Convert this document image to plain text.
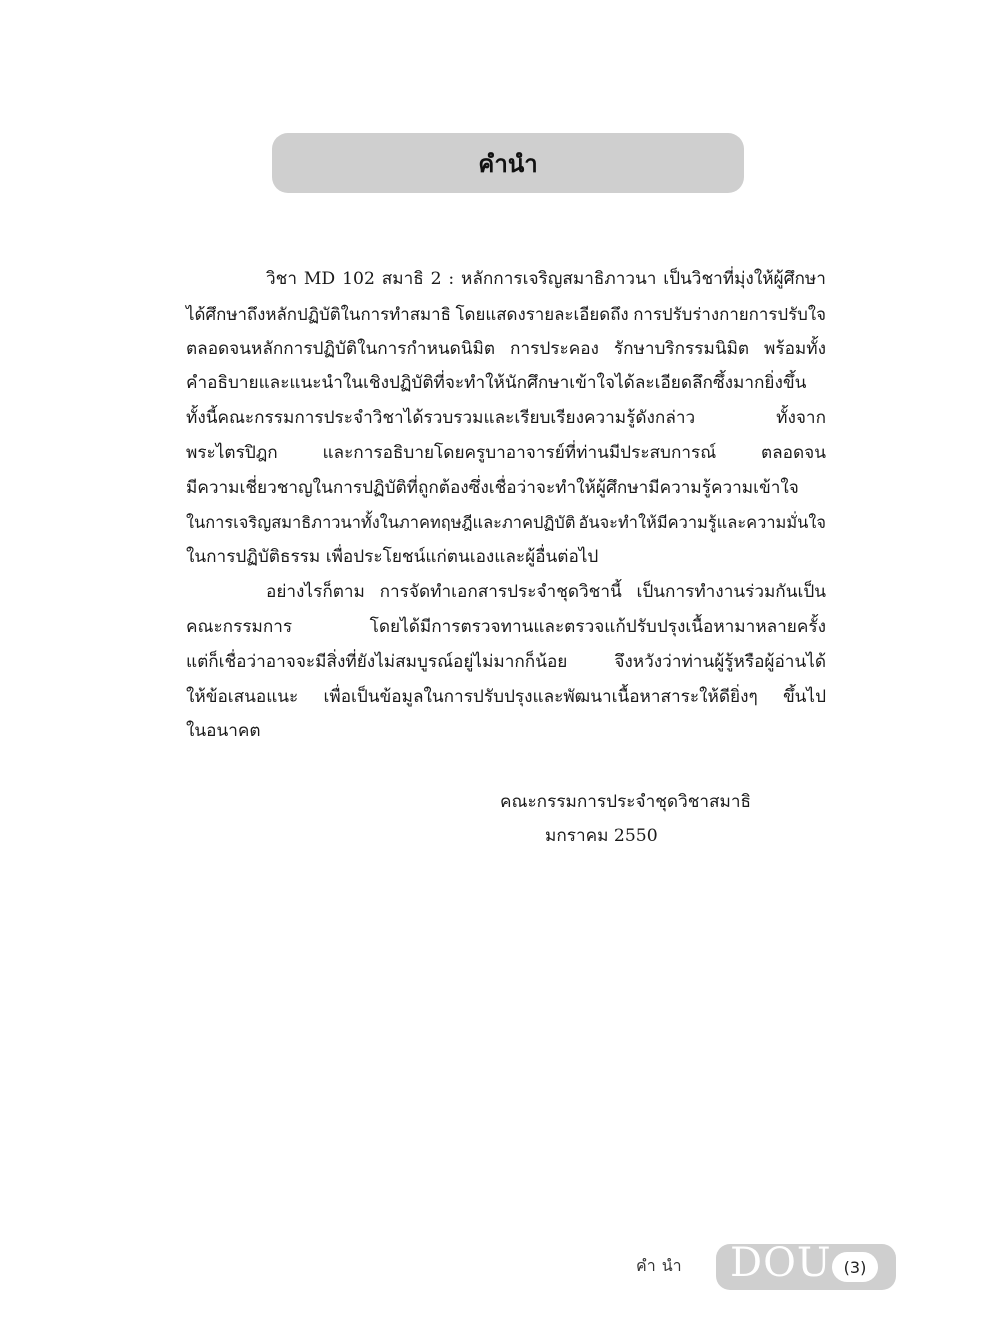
คำนำ
วิชา MD 102 สมาธิ 2 : หลักการเจริญสมาธิภาวนา เป็นวิชาที่มุ่งให้ผู้ศึกษา
ได้ศึกษาถึงหลักปฏิบัติในการทำสมาธิ โดยแสดงรายละเอียดถึง การปรับร่างกายการปรับใจ
ตลอดจนหลักการปฏิบัติในการกำหนดนิมิต การประคอง รักษาบริกรรมนิมิต พร้อมทั้ง
คำอธิบายและแนะนำในเชิงปฏิบัติที่จะทำให้นักศึกษาเข้าใจได้ละเอียดลึกซึ้งมากยิ่งขึ้น
ทั้งนี้คณะกรรมการประจำวิชาได้รวบรวมและเรียบเรียงความรู้ดังกล่าว	ทั้งจาก
พระไตรปิฎก	และการอธิบายโดยครูบาอาจารย์ที่ท่านมีประสบการณ์	ตลอดจน
มีความเชี่ยวชาญในการปฏิบัติที่ถูกต้องซึ่งเชื่อว่าจะทำให้ผู้ศึกษามีความรู้ความเข้าใจ
ในการเจริญสมาธิภาวนาทั้งในภาคทฤษฎีและภาคปฏิบัติ อันจะทำให้มีความรู้และความมั่นใจ
ในการปฏิบัติธรรม เพื่อประโยชน์แก่ตนเองและผู้อื่นต่อไป
อย่างไรก็ตาม การจัดทำเอกสารประจำชุดวิชานี้ เป็นการทำงานร่วมกันเป็น
คณะกรรมการ	โดยได้มีการตรวจทานและตรวจแก้ปรับปรุงเนื้อหามาหลายครั้ง
แต่ก็เชื่อว่าอาจจะมีสิ่งที่ยังไม่สมบูรณ์อยู่ไม่มากก็น้อย	จึงหวังว่าท่านผู้รู้หรือผู้อ่านได้
ให้ข้อเสนอแนะ เพื่อเป็นข้อมูลในการปรับปรุงและพัฒนาเนื้อหาสาระให้ดียิ่งๆ ขึ้นไป
ในอนาคต
คณะกรรมการประจำชุดวิชาสมาธิ
มกราคม 2550
คำนำ DOU (3)
